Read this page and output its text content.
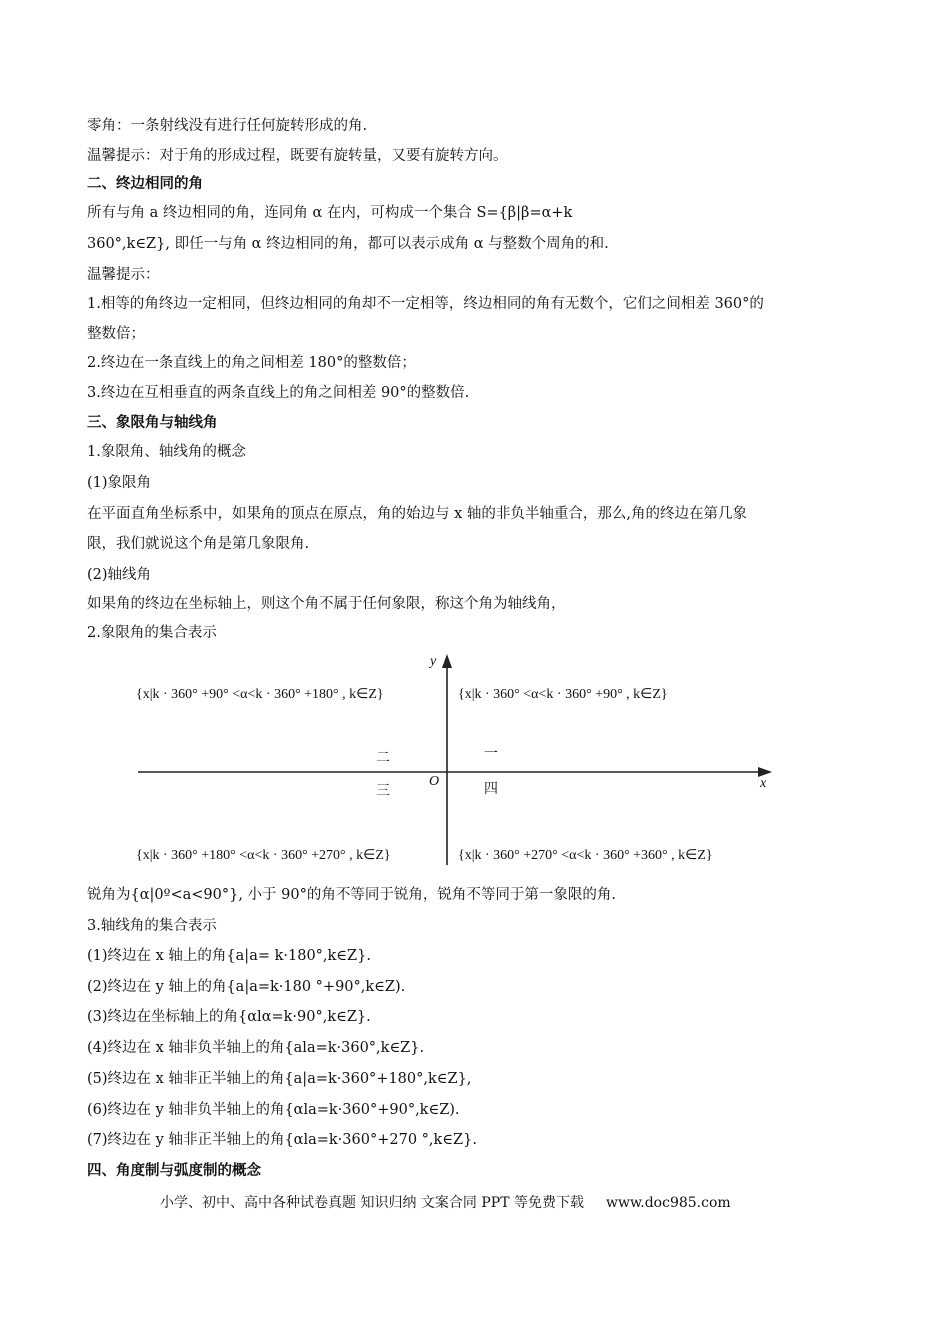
零角：一条射线没有进行任何旋转形成的角.
温馨提示：对于角的形成过程，既要有旋转量，又要有旋转方向。
二、终边相同的角
所有与角 a 终边相同的角，连同角 α 在内，可构成一个集合 S={β|β=α+k
360°,k∈Z}, 即任一与角 α 终边相同的角，都可以表示成角 α 与整数个周角的和.
温馨提示：
1.相等的角终边一定相同，但终边相同的角却不一定相等，终边相同的角有无数个，它们之间相差 360°的
整数倍；
2.终边在一条直线上的角之间相差 180°的整数倍；
3.终边在互相垂直的两条直线上的角之间相差 90°的整数倍.
三、象限角与轴线角
1.象限角、轴线角的概念
(1)象限角
在平面直角坐标系中，如果角的顶点在原点，角的始边与 x 轴的非负半轴重合，那么,角的终边在第几象
限，我们就说这个角是第几象限角.
(2)轴线角
如果角的终边在坐标轴上，则这个角不属于任何象限，称这个角为轴线角，
2.象限角的集合表示
{x|k · 360° +90° <α<k · 360° +180° , k∈Z}	{x|k · 360° <α<k · 360° +90° , k∈Z}
{x|k · 360° +180° <α<k · 360° +270° , k∈Z}	{x|k · 360° +270° <α<k · 360° +360° , k∈Z}
二	一
三	四
O	x
y
锐角为{α|0º<a<90°}, 小于 90°的角不等同于锐角，锐角不等同于第一象限的角.
3.轴线角的集合表示
(1)终边在 x 轴上的角{a|a= k·180°,k∈Z}.
(2)终边在 y 轴上的角{a|a=k·180 °+90°,k∈Z).
(3)终边在坐标轴上的角{αlα=k·90°,k∈Z}.
(4)终边在 x 轴非负半轴上的角{ala=k·360°,k∈Z}.
(5)终边在 x 轴非正半轴上的角{a|a=k·360°+180°,k∈Z},
(6)终边在 y 轴非负半轴上的角{αla=k·360°+90°,k∈Z).
(7)终边在 y 轴非正半轴上的角{αla=k·360°+270 °,k∈Z}.
四、角度制与弧度制的概念
小学、初中、高中各种试卷真题 知识归纳 文案合同 PPT 等免费下载 www.doc985.com
